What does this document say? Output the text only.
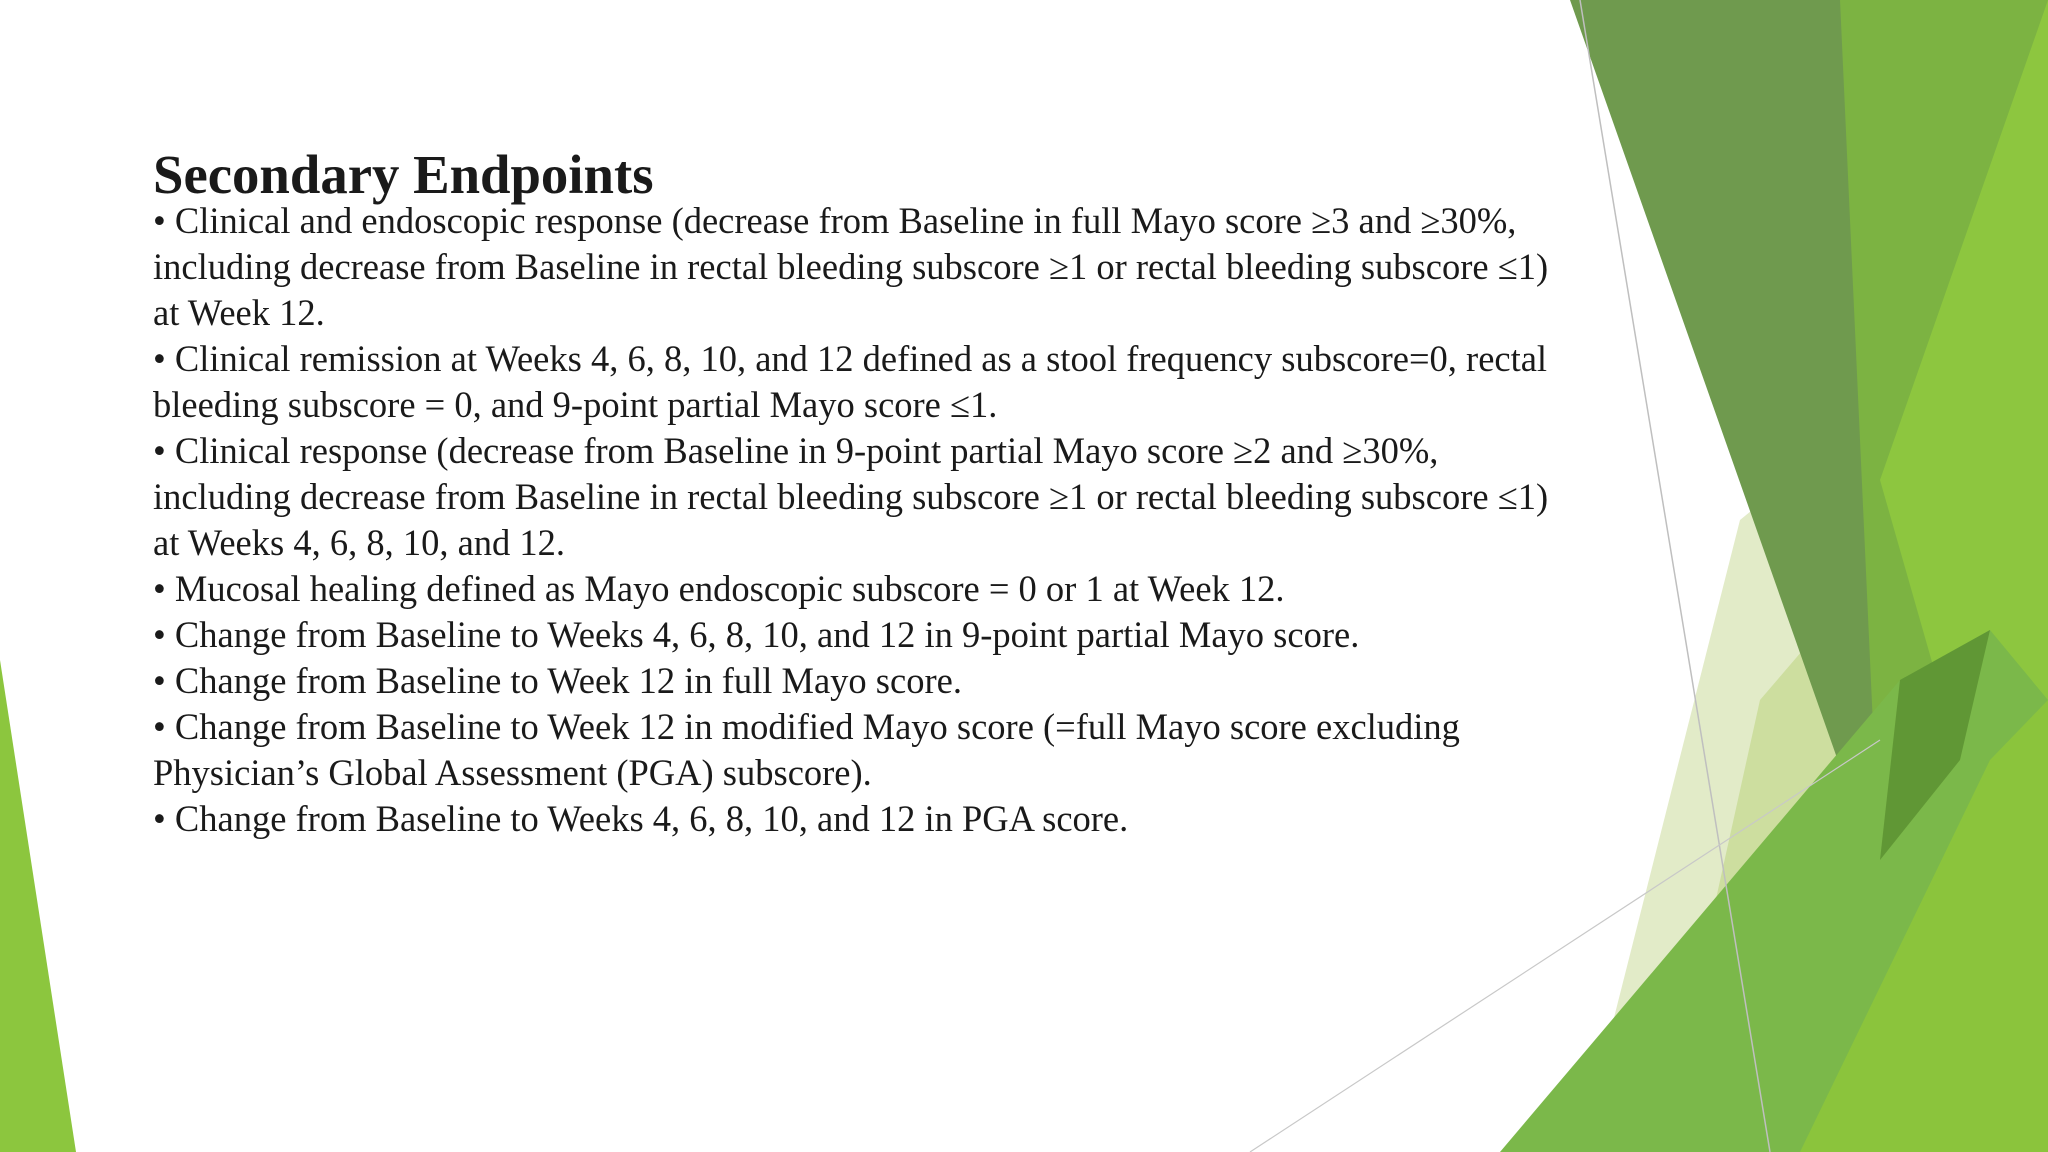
Secondary Endpoints
• Clinical and endoscopic response (decrease from Baseline in full Mayo score ≥3 and ≥30%,
including decrease from Baseline in rectal bleeding subscore ≥1 or rectal bleeding subscore ≤1)
at Week 12.
• Clinical remission at Weeks 4, 6, 8, 10, and 12 defined as a stool frequency subscore=0, rectal
bleeding subscore = 0, and 9-point partial Mayo score ≤1.
• Clinical response (decrease from Baseline in 9-point partial Mayo score ≥2 and ≥30%,
including decrease from Baseline in rectal bleeding subscore ≥1 or rectal bleeding subscore ≤1)
at Weeks 4, 6, 8, 10, and 12.
• Mucosal healing defined as Mayo endoscopic subscore = 0 or 1 at Week 12.
• Change from Baseline to Weeks 4, 6, 8, 10, and 12 in 9-point partial Mayo score.
• Change from Baseline to Week 12 in full Mayo score.
• Change from Baseline to Week 12 in modified Mayo score (=full Mayo score excluding
Physician’s Global Assessment (PGA) subscore).
• Change from Baseline to Weeks 4, 6, 8, 10, and 12 in PGA score.
